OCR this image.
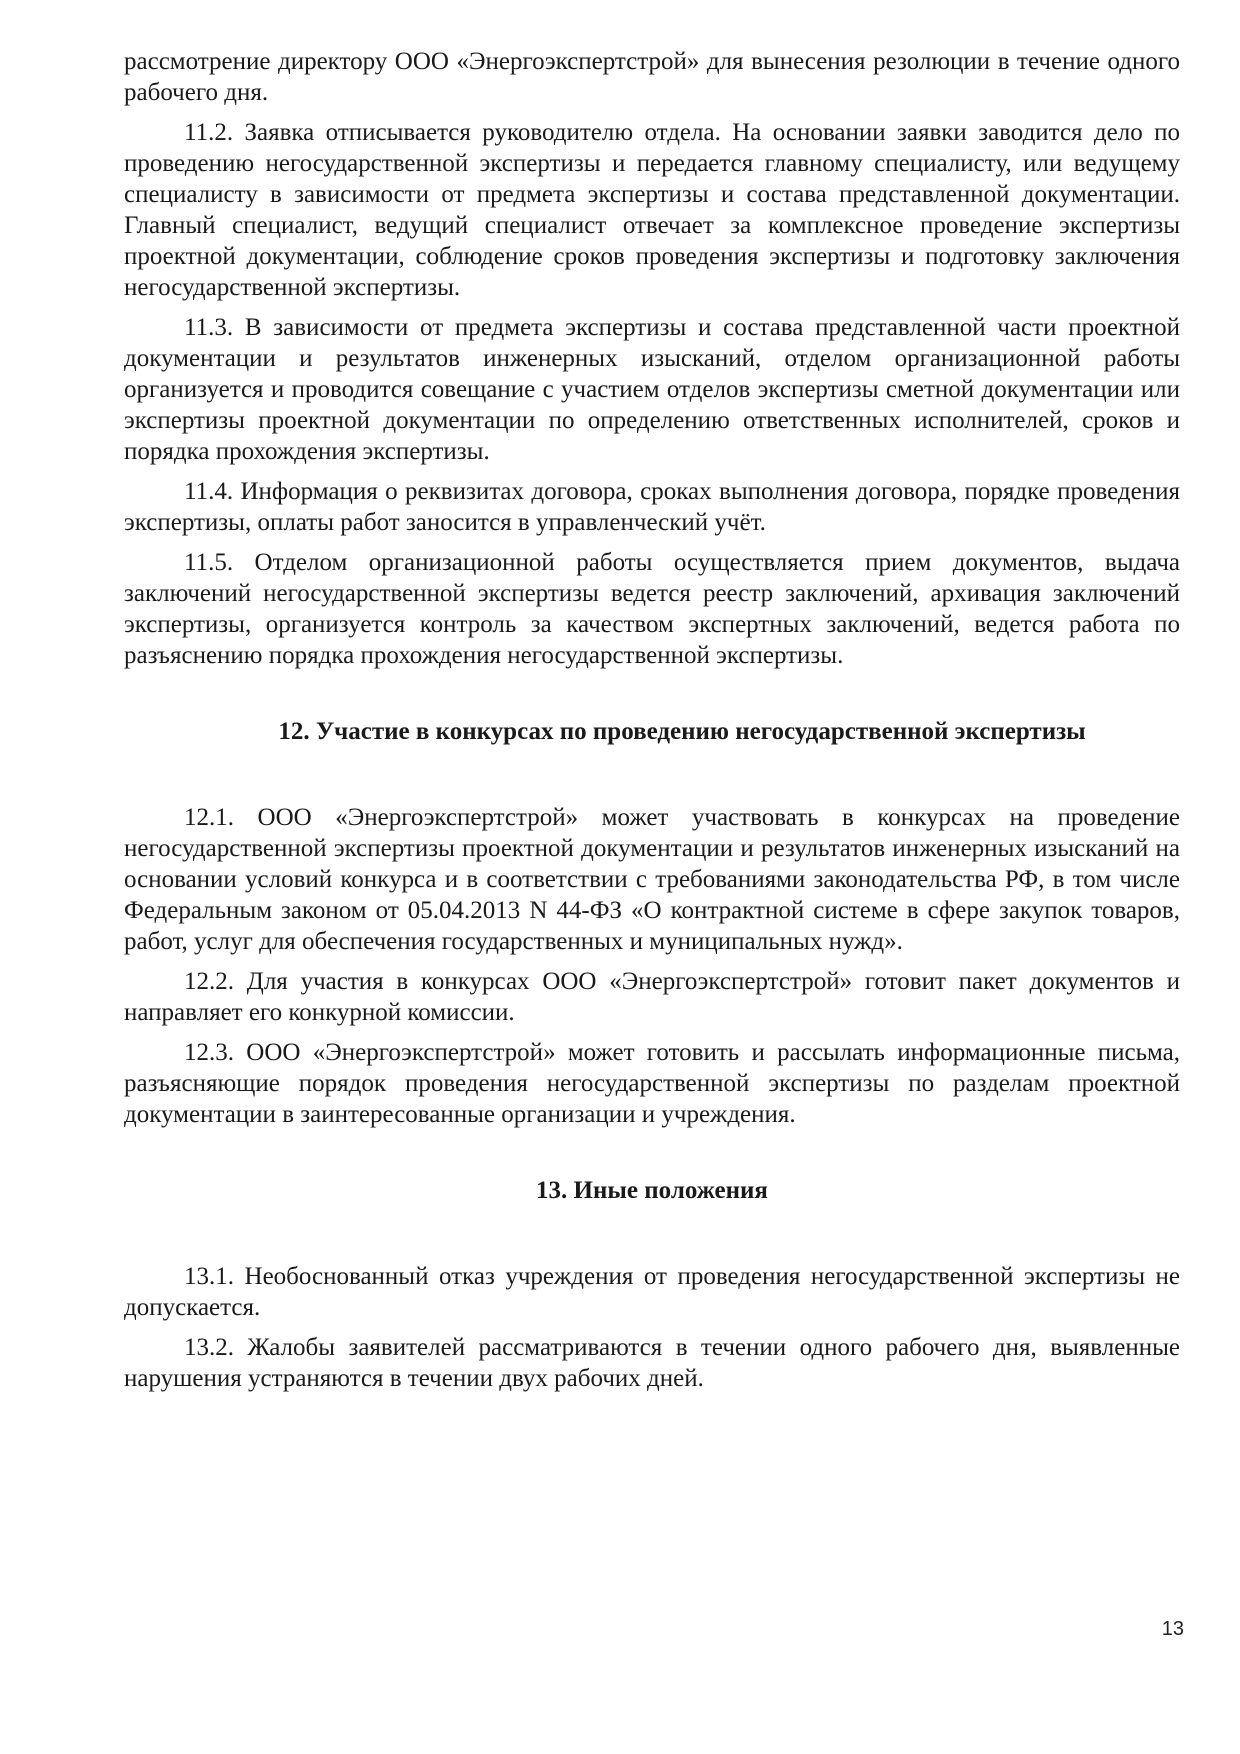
рассмотрение директору ООО «Энергоэкспертстрой» для вынесения резолюции в течение одного рабочего дня.

11.2. Заявка отписывается руководителю отдела. На основании заявки заводится дело по проведению негосударственной экспертизы и передается главному специалисту, или ведущему специалисту в зависимости от предмета экспертизы и состава представленной документации. Главный специалист, ведущий специалист отвечает за комплексное проведение экспертизы проектной документации, соблюдение сроков проведения экспертизы и подготовку заключения негосударственной экспертизы.

11.3. В зависимости от предмета экспертизы и состава представленной части проектной документации и результатов инженерных изысканий, отделом организационной работы организуется и проводится совещание с участием отделов экспертизы сметной документации или экспертизы проектной документации по определению ответственных исполнителей, сроков и порядка прохождения экспертизы.

11.4. Информация о реквизитах договора, сроках выполнения договора, порядке проведения экспертизы, оплаты работ заносится в управленческий учёт.

11.5. Отделом организационной работы осуществляется прием документов, выдача заключений негосударственной экспертизы ведется реестр заключений, архивация заключений экспертизы, организуется контроль за качеством экспертных заключений, ведется работа по разъяснению порядка прохождения негосударственной экспертизы.

12. Участие в конкурсах по проведению негосударственной экспертизы

12.1. ООО «Энергоэкспертстрой» может участвовать в конкурсах на проведение негосударственной экспертизы проектной документации и результатов инженерных изысканий на основании условий конкурса и в соответствии с требованиями законодательства РФ, в том числе Федеральным законом от 05.04.2013 N 44-ФЗ «О контрактной системе в сфере закупок товаров, работ, услуг для обеспечения государственных и муниципальных нужд».

12.2. Для участия в конкурсах ООО «Энергоэкспертстрой» готовит пакет документов и направляет его конкурной комиссии.

12.3. ООО «Энергоэкспертстрой» может готовить и рассылать информационные письма, разъясняющие порядок проведения негосударственной экспертизы по разделам проектной документации в заинтересованные организации и учреждения.

13. Иные положения

13.1. Необоснованный отказ учреждения от проведения негосударственной экспертизы не допускается.

13.2. Жалобы заявителей рассматриваются в течении одного рабочего дня, выявленные нарушения устраняются в течении двух рабочих дней.

13
